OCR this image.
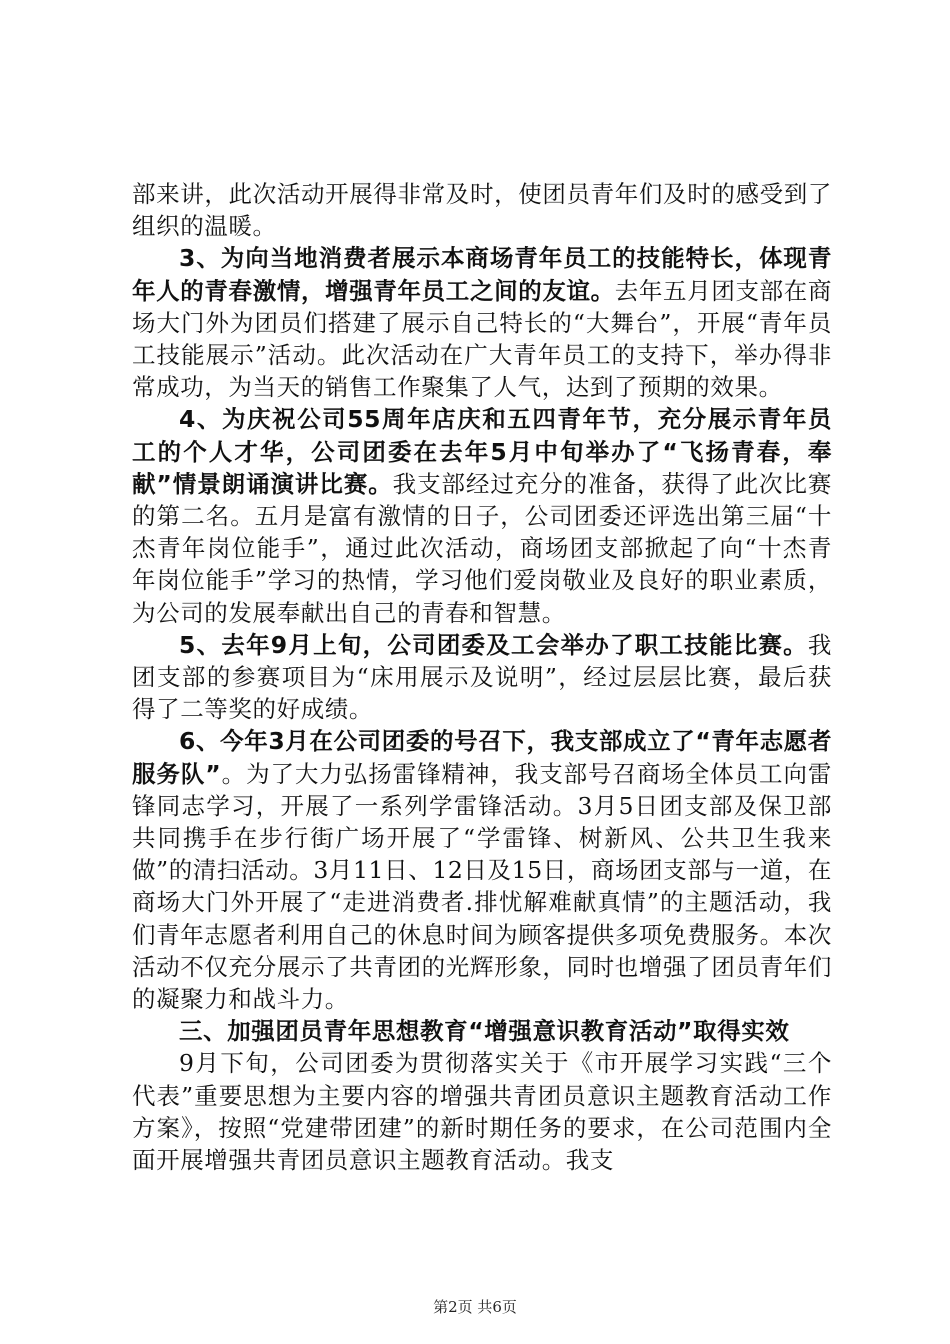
部来讲，此次活动开展得非常及时，使团员青年们及时的感受到了组织的温暖。

3、为向当地消费者展示本商场青年员工的技能特长，体现青年人的青春激情，增强青年员工之间的友谊。去年五月团支部在商场大门外为团员们搭建了展示自己特长的“大舞台”，开展“青年员工技能展示”活动。此次活动在广大青年员工的支持下，举办得非常成功，为当天的销售工作聚集了人气，达到了预期的效果。

4、为庆祝公司55周年店庆和五四青年节，充分展示青年员工的个人才华，公司团委在去年5月中旬举办了“飞扬青春，奉献”情景朗诵演讲比赛。我支部经过充分的准备，获得了此次比赛的第二名。五月是富有激情的日子，公司团委还评选出第三届“十杰青年岗位能手”，通过此次活动，商场团支部掀起了向“十杰青年岗位能手”学习的热情，学习他们爱岗敬业及良好的职业素质，为公司的发展奉献出自己的青春和智慧。

5、去年9月上旬，公司团委及工会举办了职工技能比赛。我团支部的参赛项目为“床用展示及说明”，经过层层比赛，最后获得了二等奖的好成绩。

6、今年3月在公司团委的号召下，我支部成立了“青年志愿者服务队”。为了大力弘扬雷锋精神，我支部号召商场全体员工向雷锋同志学习，开展了一系列学雷锋活动。3月5日团支部及保卫部共同携手在步行街广场开展了“学雷锋、树新风、公共卫生我来做”的清扫活动。3月11日、12日及15日，商场团支部与一道，在商场大门外开展了“走进消费者.排忧解难献真情”的主题活动，我们青年志愿者利用自己的休息时间为顾客提供多项免费服务。本次活动不仅充分展示了共青团的光辉形象，同时也增强了团员青年们的凝聚力和战斗力。

三、加强团员青年思想教育“增强意识教育活动”取得实效

9月下旬，公司团委为贯彻落实关于《市开展学习实践“三个代表”重要思想为主要内容的增强共青团员意识主题教育活动工作方案》，按照“党建带团建”的新时期任务的要求，在公司范围内全面开展增强共青团员意识主题教育活动。我支

第2页 共6页
